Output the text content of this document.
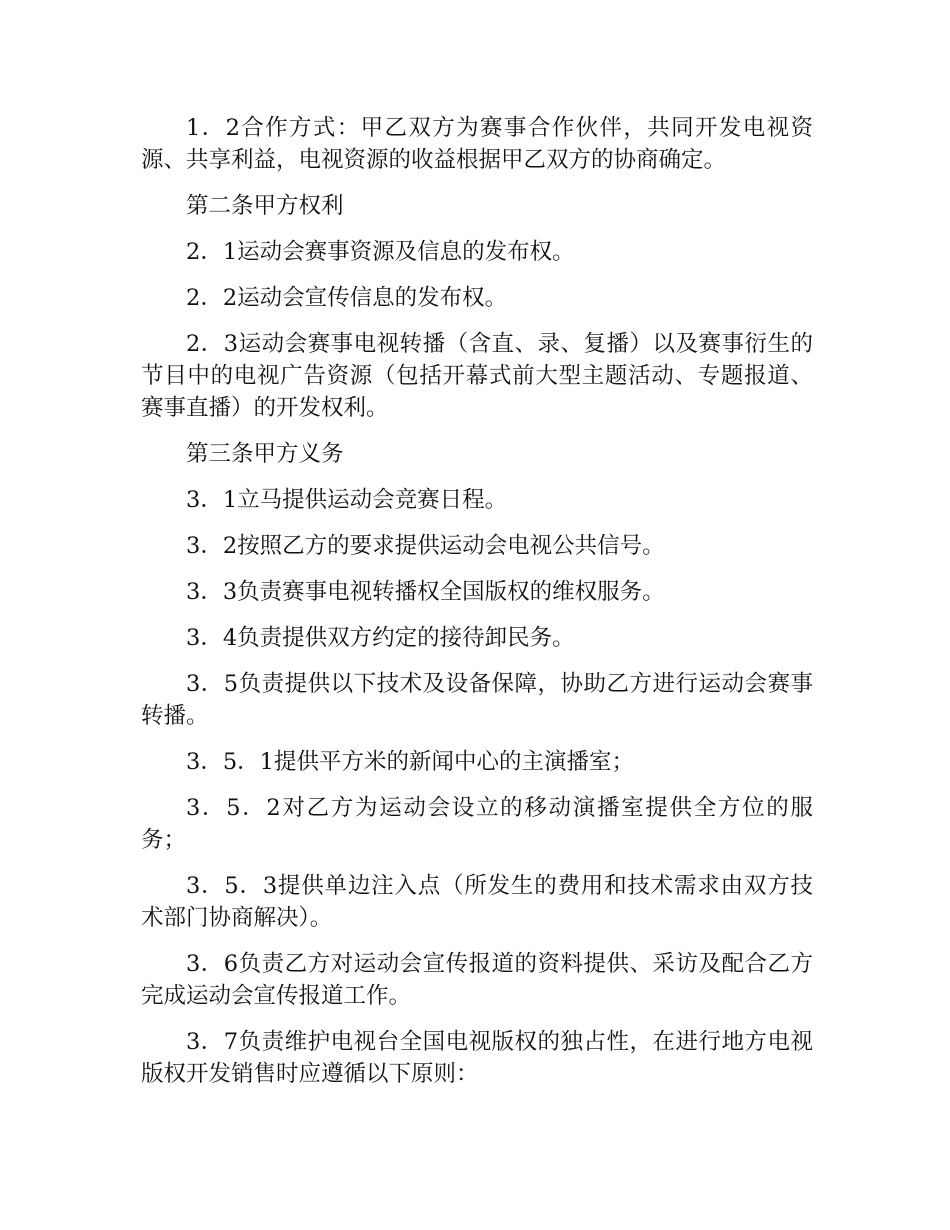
1．2合作方式：甲乙双方为赛事合作伙伴，共同开发电视资源、共享利益，电视资源的收益根据甲乙双方的协商确定。

第二条甲方权利

2．1运动会赛事资源及信息的发布权。

2．2运动会宣传信息的发布权。

2．3运动会赛事电视转播（含直、录、复播）以及赛事衍生的节目中的电视广告资源（包括开幕式前大型主题活动、专题报道、赛事直播）的开发权利。

第三条甲方义务

3．1立马提供运动会竞赛日程。

3．2按照乙方的要求提供运动会电视公共信号。

3．3负责赛事电视转播权全国版权的维权服务。

3．4负责提供双方约定的接待卸民务。

3．5负责提供以下技术及设备保障，协助乙方进行运动会赛事转播。

3．5．1提供平方米的新闻中心的主演播室；

3．5．2对乙方为运动会设立的移动演播室提供全方位的服务；

3．5．3提供单边注入点（所发生的费用和技术需求由双方技术部门协商解决）。

3．6负责乙方对运动会宣传报道的资料提供、采访及配合乙方完成运动会宣传报道工作。

3．7负责维护电视台全国电视版权的独占性，在进行地方电视版权开发销售时应遵循以下原则：
